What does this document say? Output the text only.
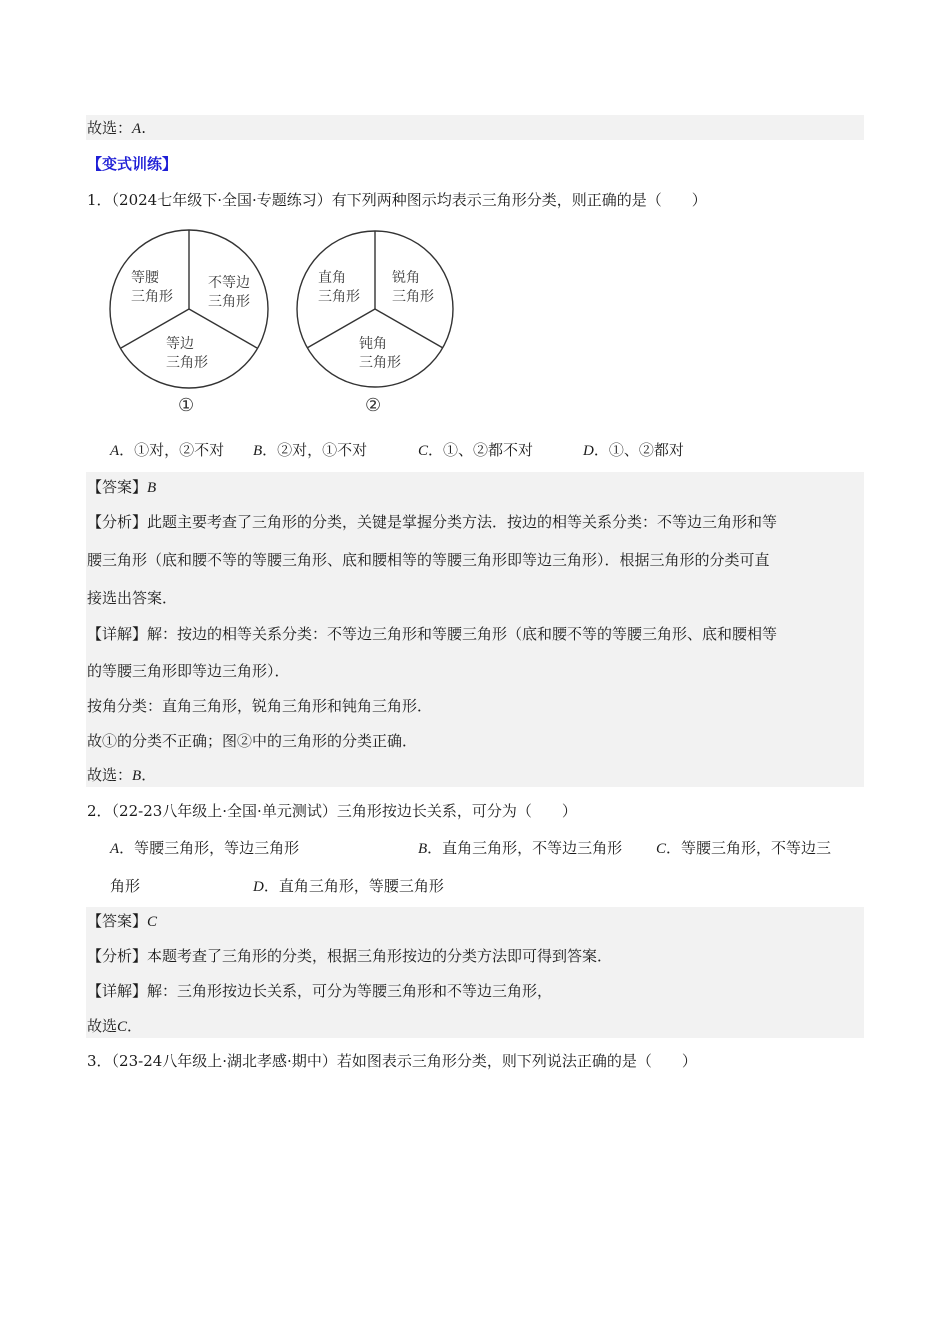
故选：A.
【变式训练】
1．（2024七年级下·全国·专题练习）有下列两种图示均表示三角形分类，则正确的是（　　）
等腰
三角形
不等边
三角形
等边
三角形
①
直角
三角形
锐角
三角形
钝角
三角形
②
A．①对，②不对 B．②对，①不对	C．①、②都不对	D．①、②都对
【答案】B
【分析】此题主要考查了三角形的分类，关键是掌握分类方法．按边的相等关系分类：不等边三角形和等
腰三角形（底和腰不等的等腰三角形、底和腰相等的等腰三角形即等边三角形）．根据三角形的分类可直
接选出答案．
【详解】解：按边的相等关系分类：不等边三角形和等腰三角形（底和腰不等的等腰三角形、底和腰相等
的等腰三角形即等边三角形）．
按角分类：直角三角形，锐角三角形和钝角三角形．
故①的分类不正确；图②中的三角形的分类正确．
故选：B．
2．（22-23八年级上·全国·单元测试）三角形按边长关系，可分为（　　）
A．等腰三角形，等边三角形	B．直角三角形，不等边三角形 C．等腰三角形，不等边三
角形	D．直角三角形，等腰三角形
【答案】C
【分析】本题考查了三角形的分类，根据三角形按边的分类方法即可得到答案．
【详解】解：三角形按边长关系，可分为等腰三角形和不等边三角形，
故选C．
3．（23-24八年级上·湖北孝感·期中）若如图表示三角形分类，则下列说法正确的是（　　）
